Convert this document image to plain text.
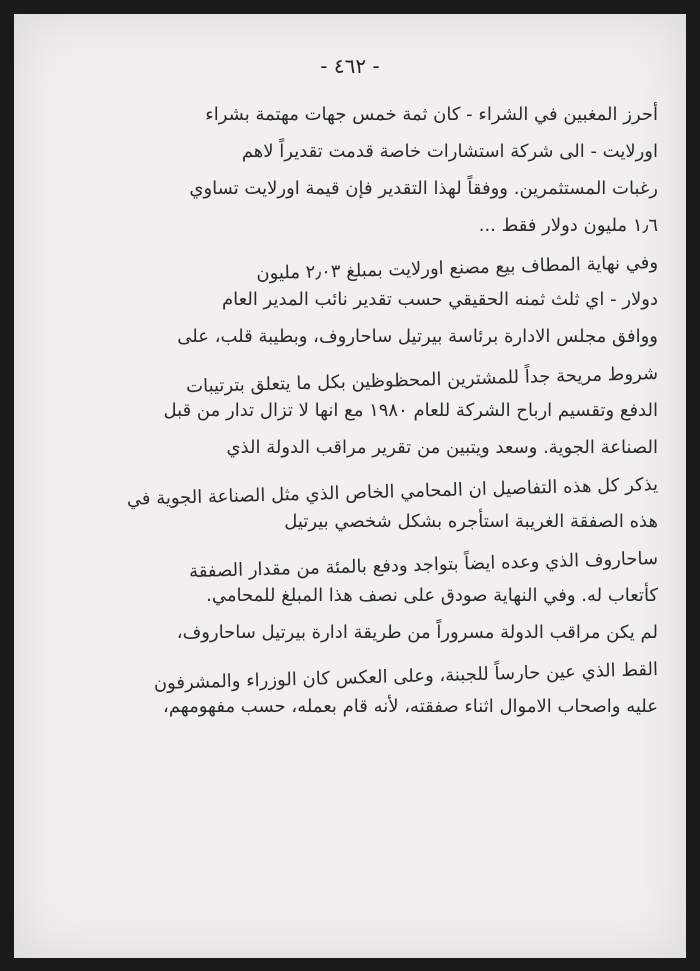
- ٤٦٢ -
أحرز المغبين في الشراء - كان ثمة خمس جهات مهتمة بشراء
اورلايت - الى شركة استشارات خاصة قدمت تقديراً لاهم
رغبات المستثمرين. ووفقاً لهذا التقدير فإن قيمة اورلايت تساوي
١٫٦ مليون دولار فقط ...
وفي نهاية المطاف بيع مصنع اورلايت بمبلغ ٢٫٠٣ مليون
دولار - اي ثلث ثمنه الحقيقي حسب تقدير نائب المدير العام
ووافق مجلس الادارة برئاسة بيرتيل ساحاروف، وبطيبة قلب، على
شروط مريحة جداً للمشترين المحظوظين بكل ما يتعلق بترتيبات
الدفع وتقسيم ارباح الشركة للعام ١٩٨٠ مع انها لا تزال تدار من قبل
الصناعة الجوية. وسعد ويتبين من تقرير مراقب الدولة الذي
يذكر كل هذه التفاصيل ان المحامي الخاص الذي مثل الصناعة الجوية في
هذه الصفقة الغريبة استأجره بشكل شخصي بيرتيل
ساحاروف الذي وعده ايضاً بتواجد ودفع بالمئة من مقدار الصفقة
كأتعاب له. وفي النهاية صودق على نصف هذا المبلغ للمحامي.
لم يكن مراقب الدولة مسروراً من طريقة ادارة بيرتيل ساحاروف،
القط الذي عين حارساً للجبنة، وعلى العكس كان الوزراء والمشرفون
عليه واصحاب الاموال اثناء صفقته، لأنه قام بعمله، حسب مفهومهم،
